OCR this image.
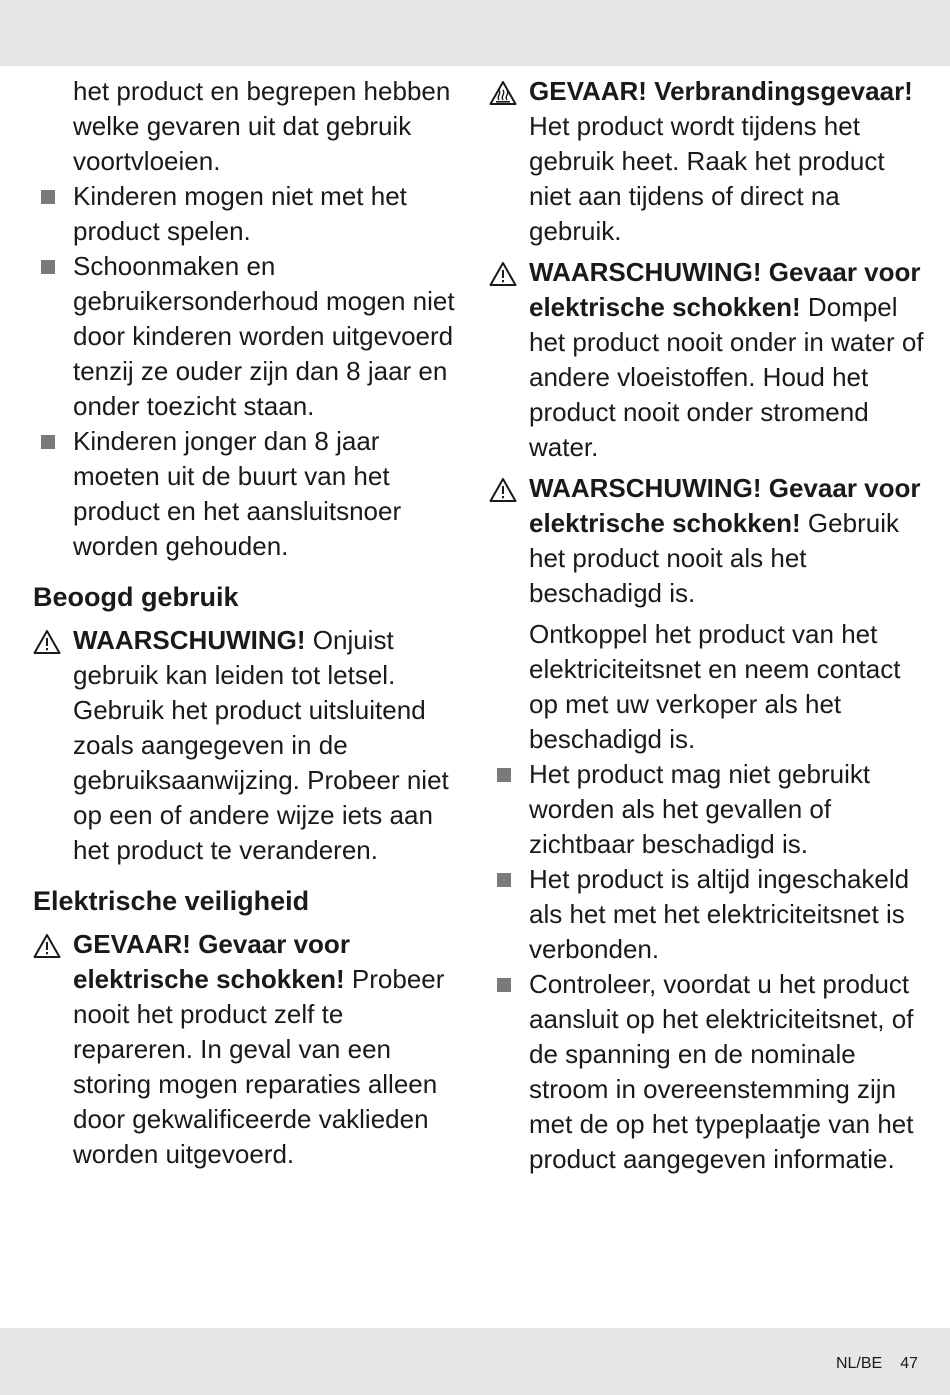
het product en begrepen hebben welke gevaren uit dat gebruik voortvloeien.

Kinderen mogen niet met het product spelen.
Schoonmaken en gebruikersonderhoud mogen niet door kinderen worden uitgevoerd tenzij ze ouder zijn dan 8 jaar en onder toezicht staan.
Kinderen jonger dan 8 jaar moeten uit de buurt van het product en het aansluitsnoer worden gehouden.
Beoogd gebruik
WAARSCHUWING! Onjuist gebruik kan leiden tot letsel. Gebruik het product uitsluitend zoals aangegeven in de gebruiksaanwijzing. Probeer niet op een of andere wijze iets aan het product te veranderen.
Elektrische veiligheid
GEVAAR! Gevaar voor elektrische schokken! Probeer nooit het product zelf te repareren. In geval van een storing mogen reparaties alleen door gekwalificeerde vaklieden worden uitgevoerd.
GEVAAR! Verbrandingsgevaar! Het product wordt tijdens het gebruik heet. Raak het product niet aan tijdens of direct na gebruik.
WAARSCHUWING! Gevaar voor elektrische schokken! Dompel het product nooit onder in water of andere vloeistoffen. Houd het product nooit onder stromend water.
WAARSCHUWING! Gevaar voor elektrische schokken! Gebruik het product nooit als het beschadigd is.

Ontkoppel het product van het elektriciteitsnet en neem contact op met uw verkoper als het beschadigd is.

Het product mag niet gebruikt worden als het gevallen of zichtbaar beschadigd is.
Het product is altijd ingeschakeld als het met het elektriciteitsnet is verbonden.
Controleer, voordat u het product aansluit op het elektriciteitsnet, of de spanning en de nominale stroom in overeenstemming zijn met de op het typeplaatje van het product aangegeven informatie.
NL/BE 47
